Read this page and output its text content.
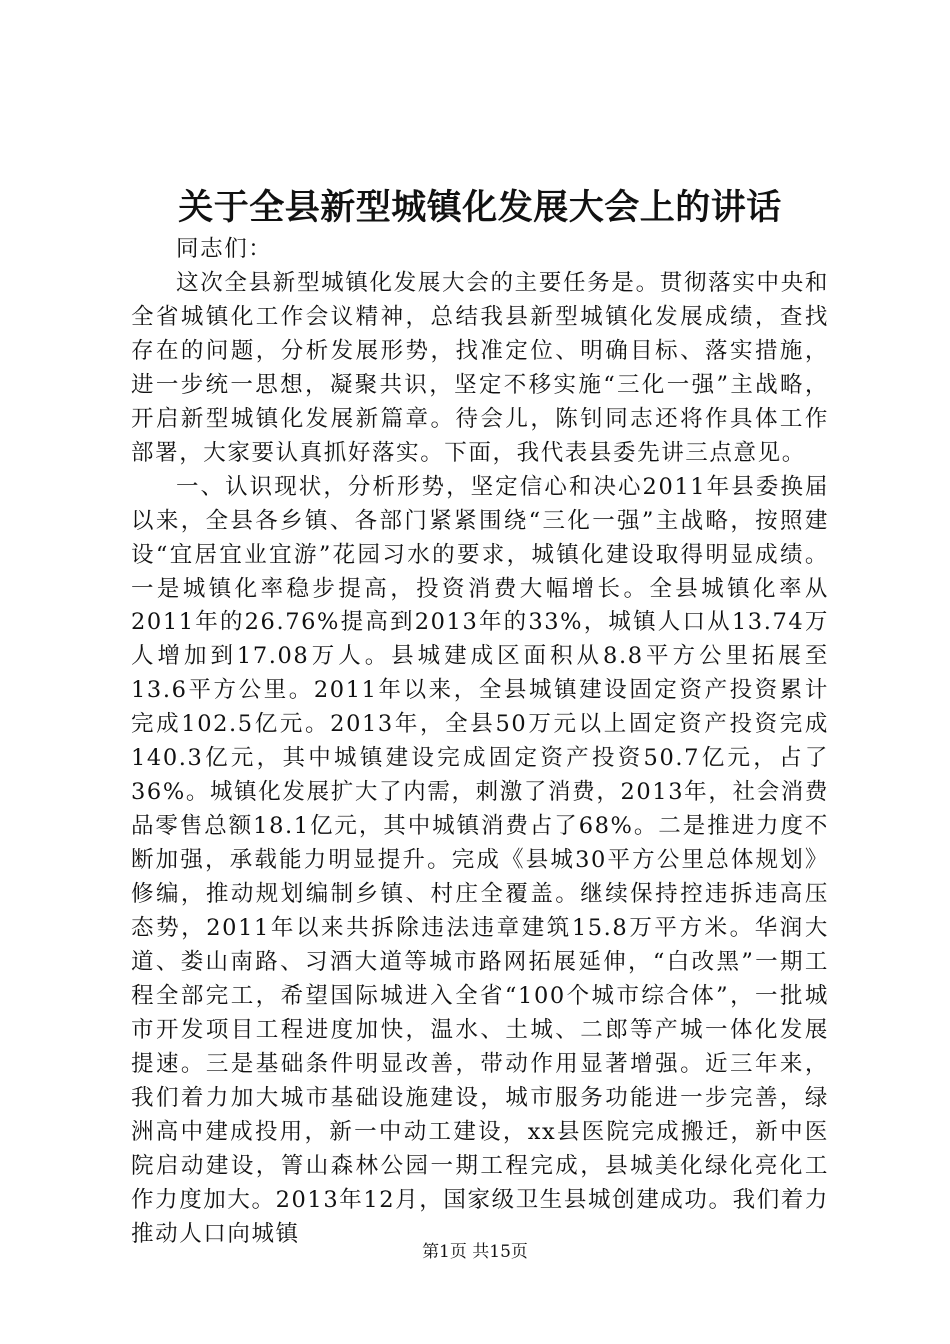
关于全县新型城镇化发展大会上的讲话

同志们：

这次全县新型城镇化发展大会的主要任务是。贯彻落实中央和全省城镇化工作会议精神，总结我县新型城镇化发展成绩，查找存在的问题，分析发展形势，找准定位、明确目标、落实措施，进一步统一思想，凝聚共识，坚定不移实施“三化一强”主战略，开启新型城镇化发展新篇章。待会儿，陈钊同志还将作具体工作部署，大家要认真抓好落实。下面，我代表县委先讲三点意见。

一、认识现状，分析形势，坚定信心和决心2011年县委换届以来，全县各乡镇、各部门紧紧围绕“三化一强”主战略，按照建设“宜居宜业宜游”花园习水的要求，城镇化建设取得明显成绩。一是城镇化率稳步提高，投资消费大幅增长。全县城镇化率从2011年的26.76%提高到2013年的33%，城镇人口从13.74万人增加到17.08万人。县城建成区面积从8.8平方公里拓展至13.6平方公里。2011年以来，全县城镇建设固定资产投资累计完成102.5亿元。2013年，全县50万元以上固定资产投资完成140.3亿元，其中城镇建设完成固定资产投资50.7亿元，占了36%。城镇化发展扩大了内需，刺激了消费，2013年，社会消费品零售总额18.1亿元，其中城镇消费占了68%。二是推进力度不断加强，承载能力明显提升。完成《县城30平方公里总体规划》修编，推动规划编制乡镇、村庄全覆盖。继续保持控违拆违高压态势，2011年以来共拆除违法违章建筑15.8万平方米。华润大道、娄山南路、习酒大道等城市路网拓展延伸，“白改黑”一期工程全部完工，希望国际城进入全省“100个城市综合体”，一批城市开发项目工程进度加快，温水、土城、二郎等产城一体化发展提速。三是基础条件明显改善，带动作用显著增强。近三年来，我们着力加大城市基础设施建设，城市服务功能进一步完善，绿洲高中建成投用，新一中动工建设，xx县医院完成搬迁，新中医院启动建设，箐山森林公园一期工程完成，县城美化绿化亮化工作力度加大。2013年12月，国家级卫生县城创建成功。我们着力推动人口向城镇

第1页 共15页
